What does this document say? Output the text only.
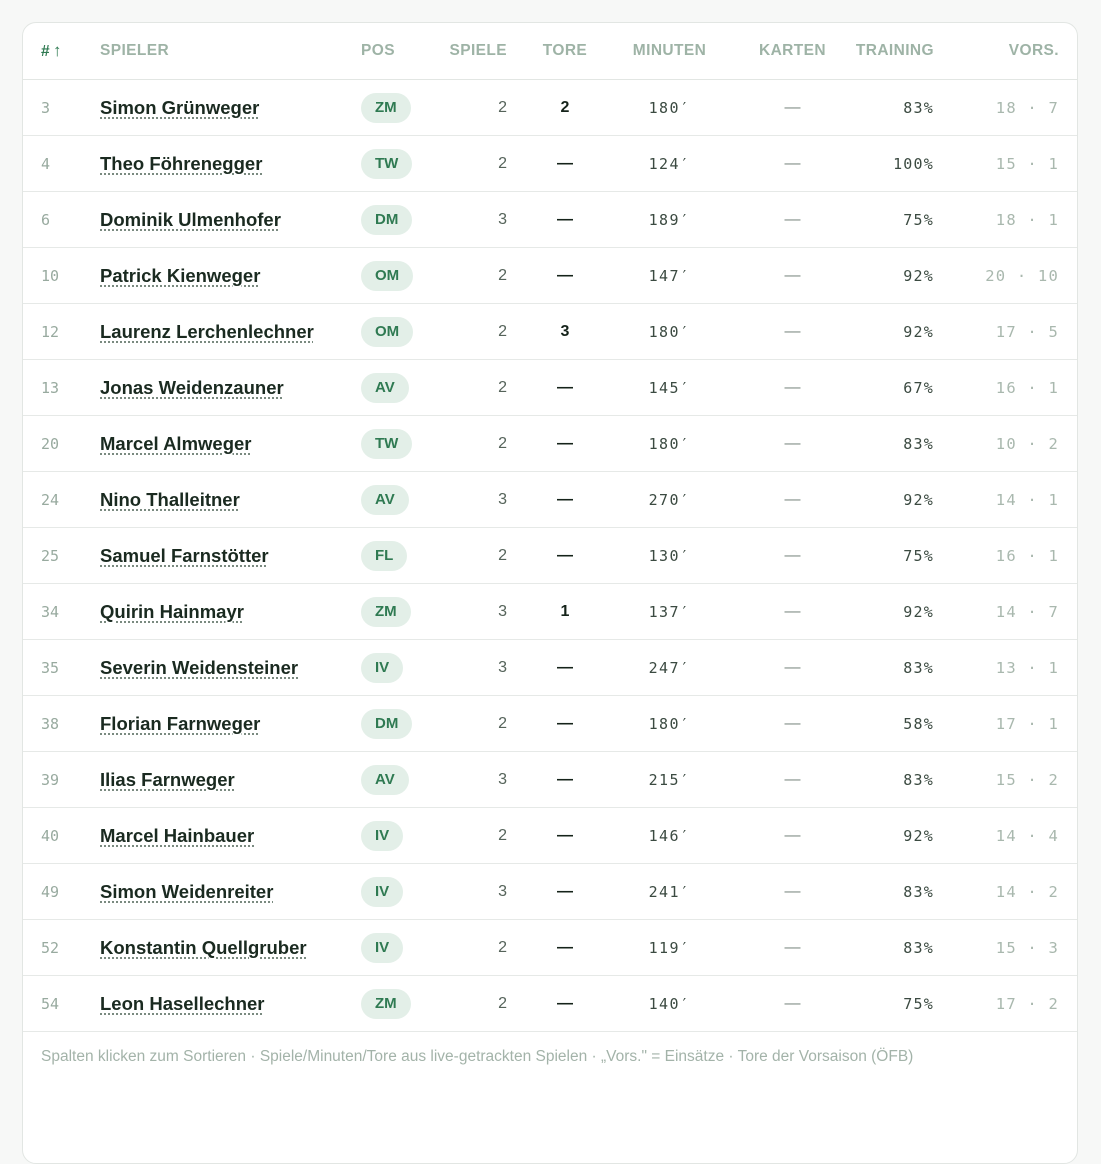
# ↑	SPIELER	POS	SPIELE	TORE	MINUTEN	KARTEN	TRAINING	VORS.
3	Simon Grünweger	ZM	2	2	180′	—	83%	18 · 7
4	Theo Föhrenegger	TW	2	—	124′	—	100%	15 · 1
6	Dominik Ulmenhofer	DM	3	—	189′	—	75%	18 · 1
10	Patrick Kienweger	OM	2	—	147′	—	92%	20 · 10
12	Laurenz Lerchenlechner	OM	2	3	180′	—	92%	17 · 5
13	Jonas Weidenzauner	AV	2	—	145′	—	67%	16 · 1
20	Marcel Almweger	TW	2	—	180′	—	83%	10 · 2
24	Nino Thalleitner	AV	3	—	270′	—	92%	14 · 1
25	Samuel Farnstötter	FL	2	—	130′	—	75%	16 · 1
34	Quirin Hainmayr	ZM	3	1	137′	—	92%	14 · 7
35	Severin Weidensteiner	IV	3	—	247′	—	83%	13 · 1
38	Florian Farnweger	DM	2	—	180′	—	58%	17 · 1
39	Ilias Farnweger	AV	3	—	215′	—	83%	15 · 2
40	Marcel Hainbauer	IV	2	—	146′	—	92%	14 · 4
49	Simon Weidenreiter	IV	3	—	241′	—	83%	14 · 2
52	Konstantin Quellgruber	IV	2	—	119′	—	83%	15 · 3
54	Leon Hasellechner	ZM	2	—	140′	—	75%	17 · 2
Spalten klicken zum Sortieren · Spiele/Minuten/Tore aus live-getrackten Spielen · „Vors." = Einsätze · Tore der Vorsaison (ÖFB)
